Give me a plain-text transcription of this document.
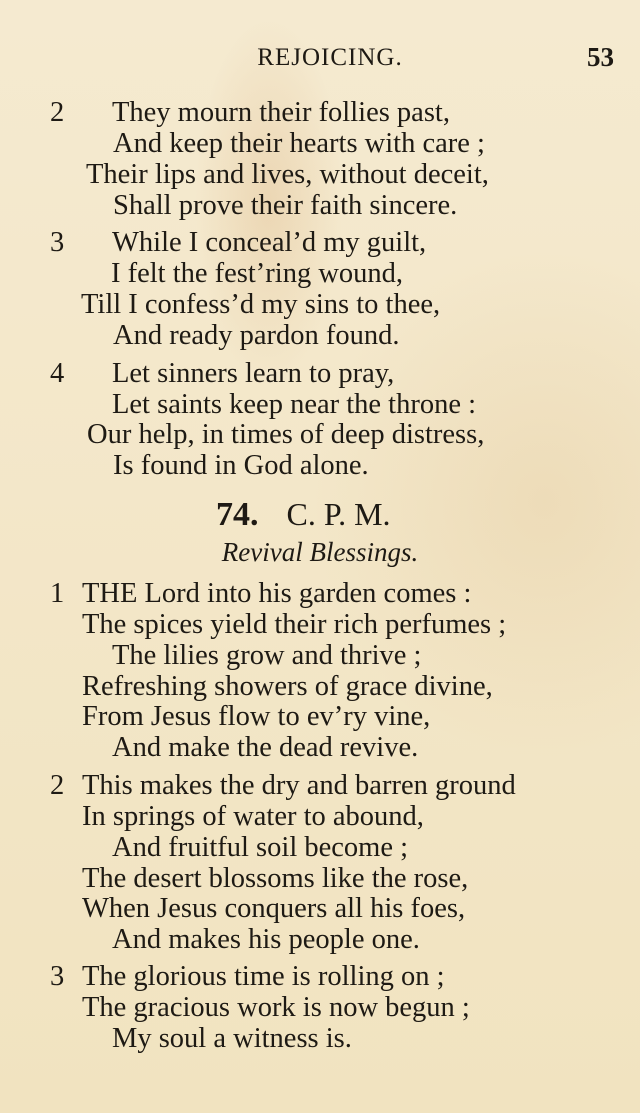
REJOICING.	53
2 They mourn their follies past,
And keep their hearts with care ;
Their lips and lives, without deceit,
Shall prove their faith sincere.
3 While I conceal’d my guilt,
I felt the fest’ring wound,
Till I confess’d my sins to thee,
And ready pardon found.
4 Let sinners learn to pray,
Let saints keep near the throne :
Our help, in times of deep distress,
Is found in God alone.
74. C. P. M.
Revival Blessings.
1 THE Lord into his garden comes :
The spices yield their rich perfumes ;
The lilies grow and thrive ;
Refreshing showers of grace divine,
From Jesus flow to ev’ry vine,
And make the dead revive.
2 This makes the dry and barren ground
In springs of water to abound,
And fruitful soil become ;
The desert blossoms like the rose,
When Jesus conquers all his foes,
And makes his people one.
3 The glorious time is rolling on ;
The gracious work is now begun ;
My soul a witness is.
